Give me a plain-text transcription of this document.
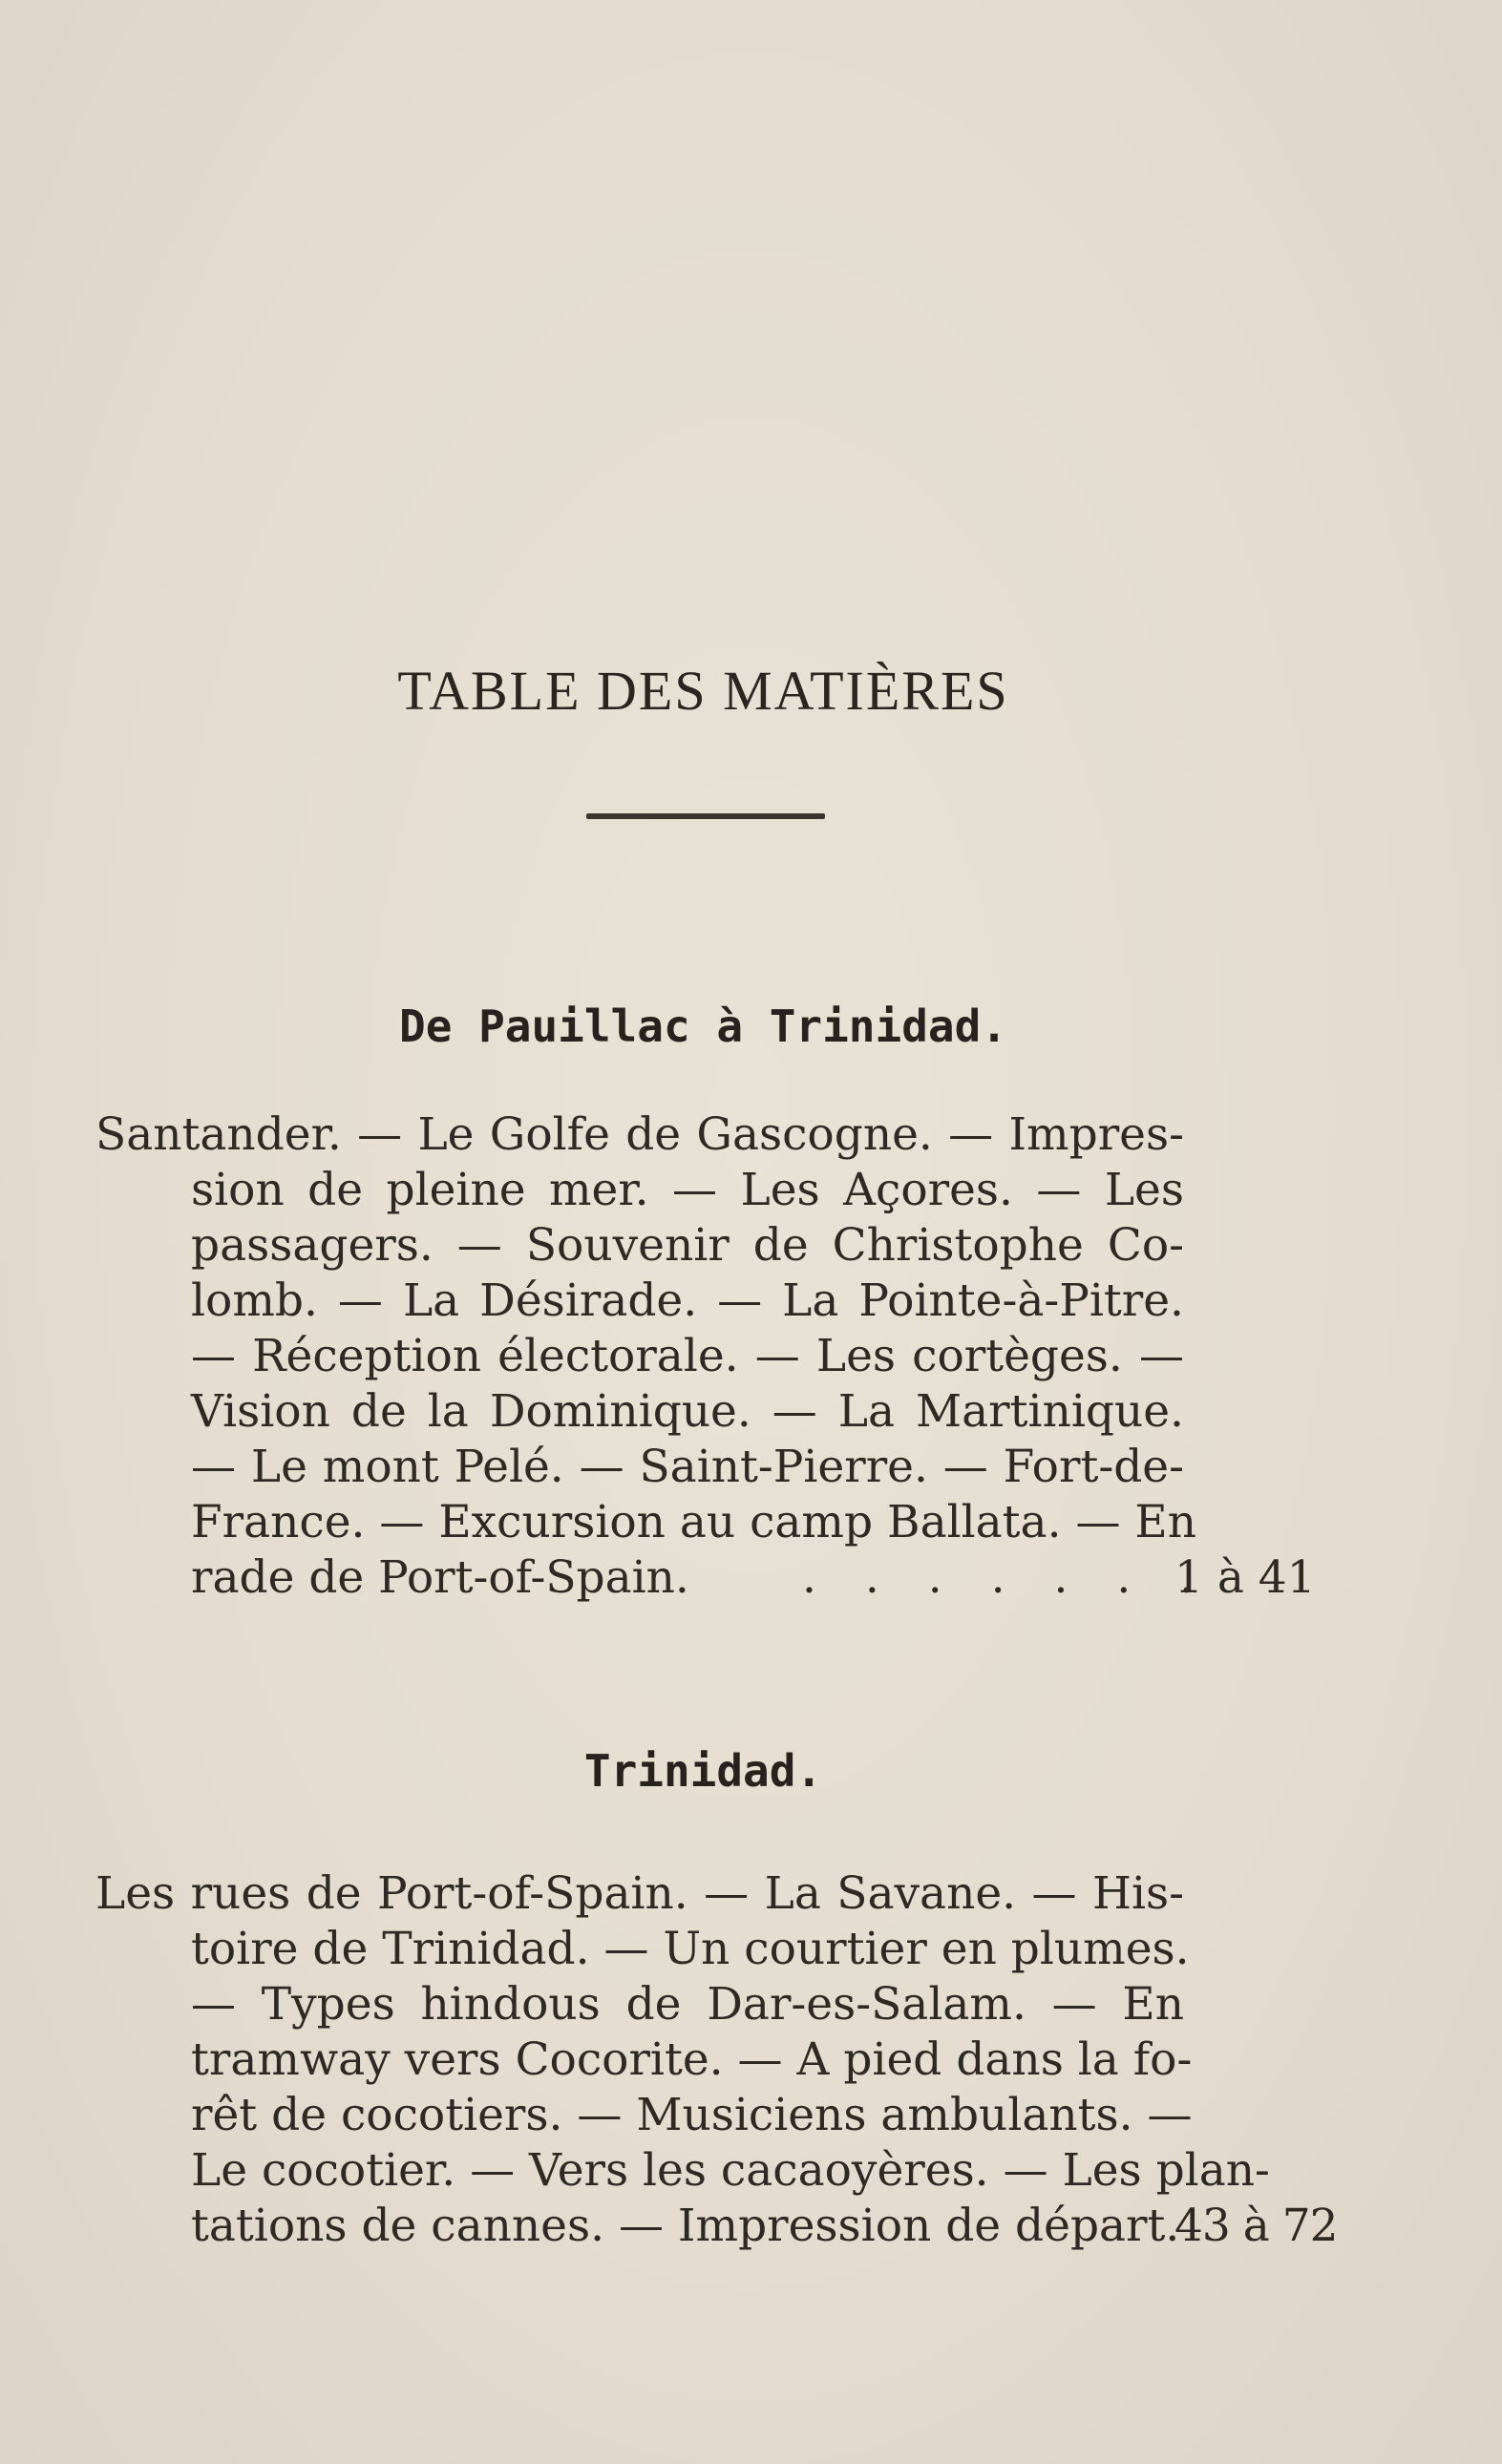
TABLE DES MATIÈRES
De Pauillac à Trinidad.
Santander. — Le Golfe de Gascogne. — Impres-
sion de pleine mer. — Les Açores. — Les
passagers. — Souvenir de Christophe Co-
lomb. — La Désirade. — La Pointe-à-Pitre.
— Réception électorale. — Les cortèges. —
Vision de la Dominique. — La Martinique.
— Le mont Pelé. — Saint-Pierre. — Fort-de-
France. — Excursion au camp Ballata. — En
rade de Port-of-Spain.	. . . . . . .
1 à 41
Trinidad.
Les rues de Port-of-Spain. — La Savane. — His-
toire de Trinidad. — Un courtier en plumes.
— Types hindous de Dar-es-Salam. — En
tramway vers Cocorite. — A pied dans la fo-
rêt de cocotiers. — Musiciens ambulants. —
Le cocotier. — Vers les cacaoyères. — Les plan-
tations de cannes. — Impression de départ.
43 à 72
